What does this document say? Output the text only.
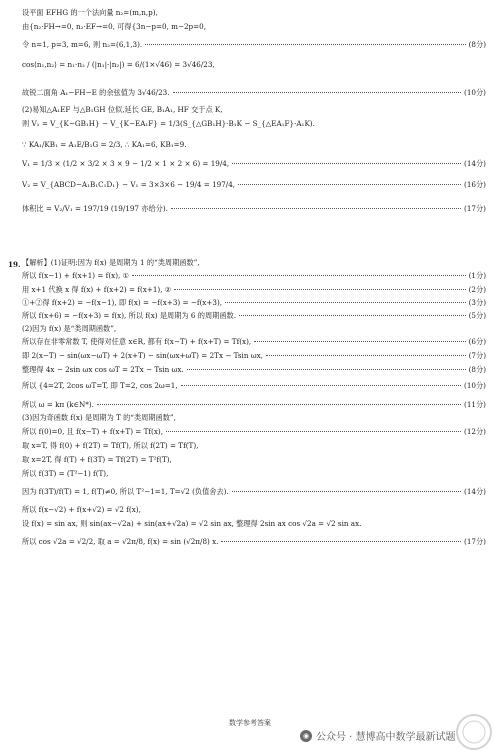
19.
设平面 EFHG 的一个法向量 n₂=(m,n,p),
由{n₂·FH→=0, n₂·EF→=0, 可得{3n−p=0, m−2p=0,
令 n=1, p=3, m=6, 则 n₂=(6,1,3).	(8分)
cos⟨n₁,n₂⟩ = n₁·n₂ / (|n₁|·|n₂|) = 6/(1×√46) = 3√46/23,
故锐二面角 A₁−FH−E 的余弦值为 3√46/23.	(10分)
(2)易知△A₁EF 与△B₁GH 位似,延长 GE, B₁A₁, HF 交于点 K,
则 V₁ = V_{K−GB₁H} − V_{K−EA₁F} = 1/3(S_{△GB₁H}·B₁K − S_{△EA₁F}·A₁K).
∵ KA₁/KB₁ = A₁E/B₁G = 2/3, ∴ KA₁=6, KB₁=9.
V₁ = 1/3 × (1/2 × 3/2 × 3 × 9 − 1/2 × 1 × 2 × 6) = 19/4,	(14分)
V₂ = V_{ABCD−A₁B₁C₁D₁} − V₁ = 3×3×6 − 19/4 = 197/4,	(16分)
体积比 = V₂/V₁ = 197/19 (19/197 亦给分).	(17分)
【解析】(1)证明:因为 f(x) 是周期为 1 的“类周期函数”,
所以 f(x−1) + f(x+1) = f(x), ①	(1分)
用 x+1 代换 x 得 f(x) + f(x+2) = f(x+1), ②	(2分)
①+②得 f(x+2) = −f(x−1), 即 f(x) = −f(x+3) = −f(x+3),	(3分)
所以 f(x+6) = −f(x+3) = f(x), 所以 f(x) 是周期为 6 的周期函数.	(5分)
(2)因为 f(x) 是“类周期函数”,
所以存在非零常数 T, 使得对任意 x∈R, 都有 f(x−T) + f(x+T) = Tf(x),	(6分)
即 2(x−T) − sin(ωx−ωT) + 2(x+T) − sin(ωx+ωT) = 2Tx − Tsin ωx,	(7分)
整理得 4x − 2sin ωx cos ωT = 2Tx − Tsin ωx.	(8分)
所以 {4=2T, 2cos ωT=T, 即 T=2, cos 2ω=1,	(10分)
所以 ω = kπ (k∈N*).	(11分)
(3)因为奇函数 f(x) 是周期为 T 的“类周期函数”,
所以 f(0)=0, 且 f(x−T) + f(x+T) = Tf(x),	(12分)
取 x=T, 得 f(0) + f(2T) = Tf(T), 所以 f(2T) = Tf(T),
取 x=2T, 得 f(T) + f(3T) = Tf(2T) = T²f(T),
所以 f(3T) = (T²−1) f(T),
因为 f(3T)/f(T) = 1, f(T)≠0, 所以 T²−1=1, T=√2 (负值舍去).	(14分)
所以 f(x−√2) + f(x+√2) = √2 f(x),
设 f(x) = sin ax, 则 sin(ax−√2a) + sin(ax+√2a) = √2 sin ax, 整理得 2sin ax cos √2a = √2 sin ax.
所以 cos √2a = √2/2, 取 a = √2π/8, f(x) = sin (√2π/8) x.	(17分)
数学参考答案
◉ 公众号 · 慧博高中数学最新试题
